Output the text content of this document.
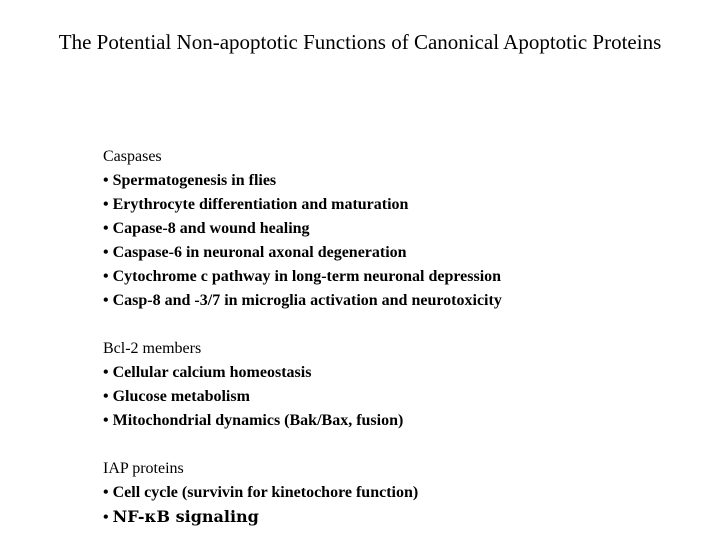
The Potential Non-apoptotic Functions of Canonical Apoptotic Proteins
Caspases
• Spermatogenesis in flies
• Erythrocyte differentiation and maturation
• Capase-8 and wound healing
• Caspase-6 in neuronal axonal degeneration
• Cytochrome c pathway in long-term neuronal depression
• Casp-8 and -3/7 in microglia activation and neurotoxicity
Bcl-2 members
• Cellular calcium homeostasis
• Glucose metabolism
• Mitochondrial dynamics (Bak/Bax, fusion)
IAP proteins
• Cell cycle (survivin for kinetochore function)
• NF-κB signaling
